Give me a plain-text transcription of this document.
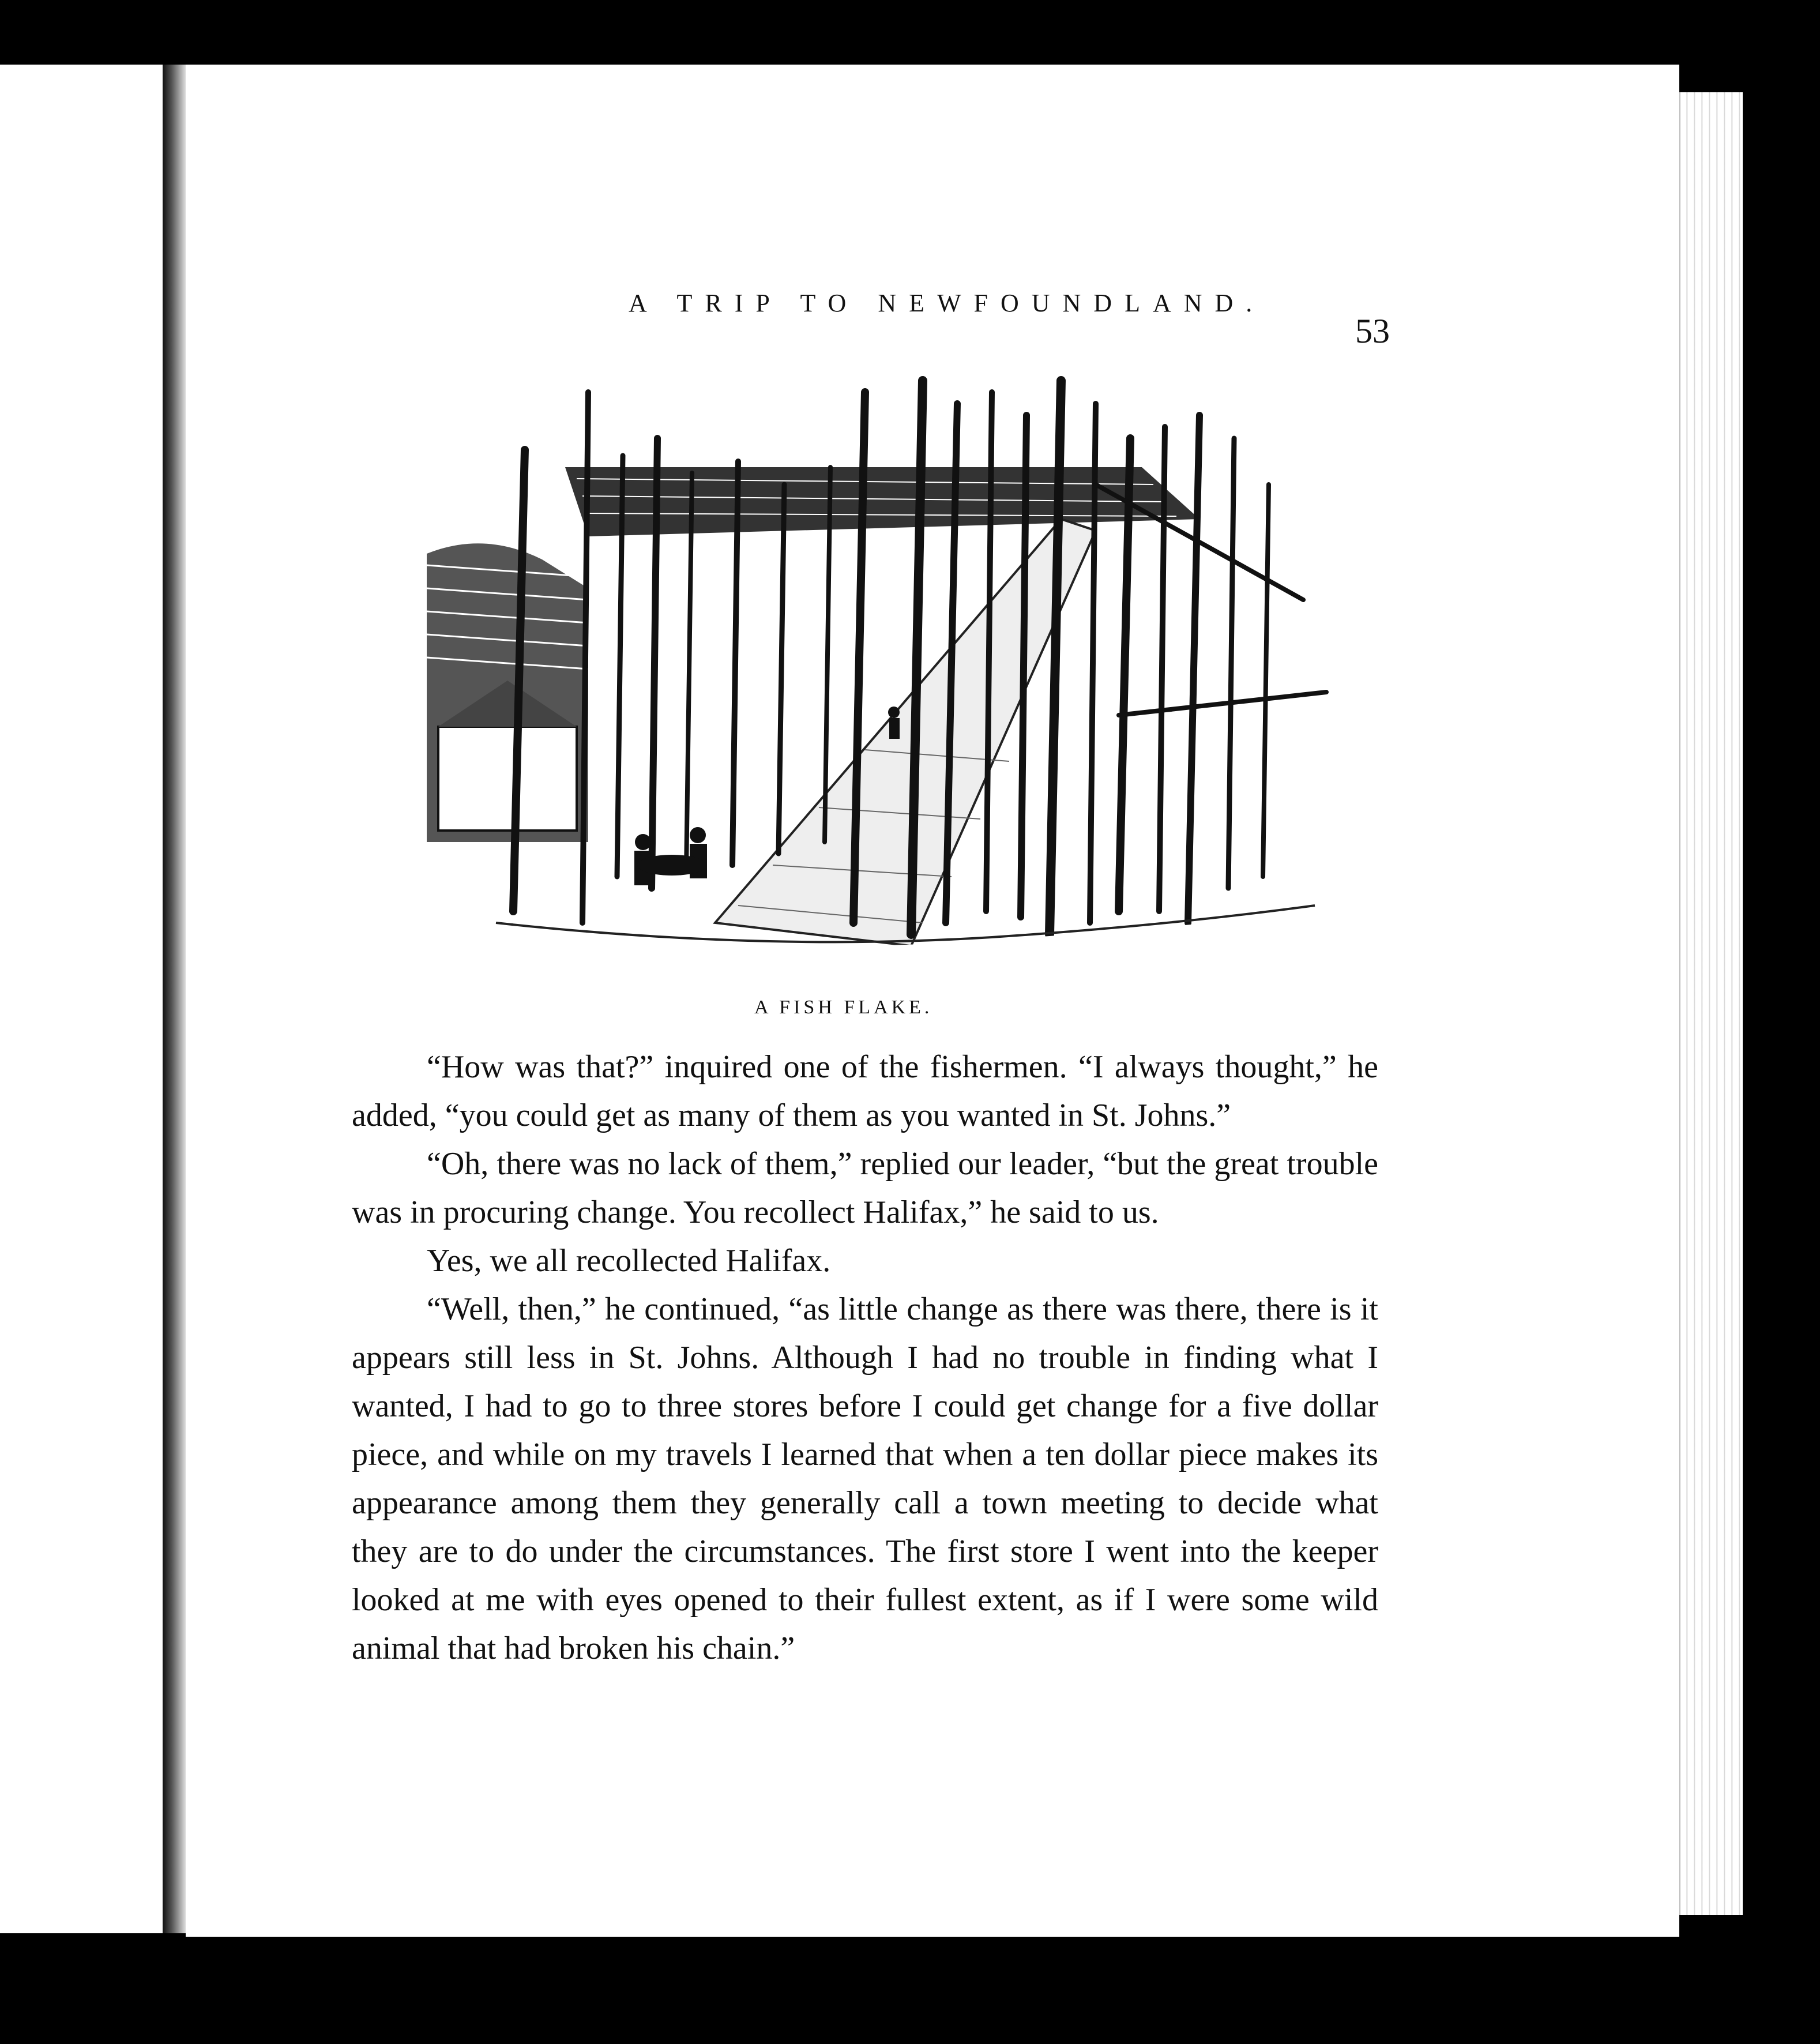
A TRIP TO NEWFOUNDLAND.
53
A FISH FLAKE.

“How was that?” inquired one of the fishermen. “I always thought,” he added, “you could get as many of them as you wanted in St. Johns.”

“Oh, there was no lack of them,” replied our leader, “but the great trouble was in procuring change. You recollect Halifax,” he said to us.

Yes, we all recollected Halifax.

“Well, then,” he continued, “as little change as there was there, there is it appears still less in St. Johns. Although I had no trouble in finding what I wanted, I had to go to three stores before I could get change for a five dollar piece, and while on my travels I learned that when a ten dollar piece makes its appearance among them they generally call a town meeting to decide what they are to do under the circumstances. The first store I went into the keeper looked at me with eyes opened to their fullest extent, as if I were some wild animal that had broken his chain.”
